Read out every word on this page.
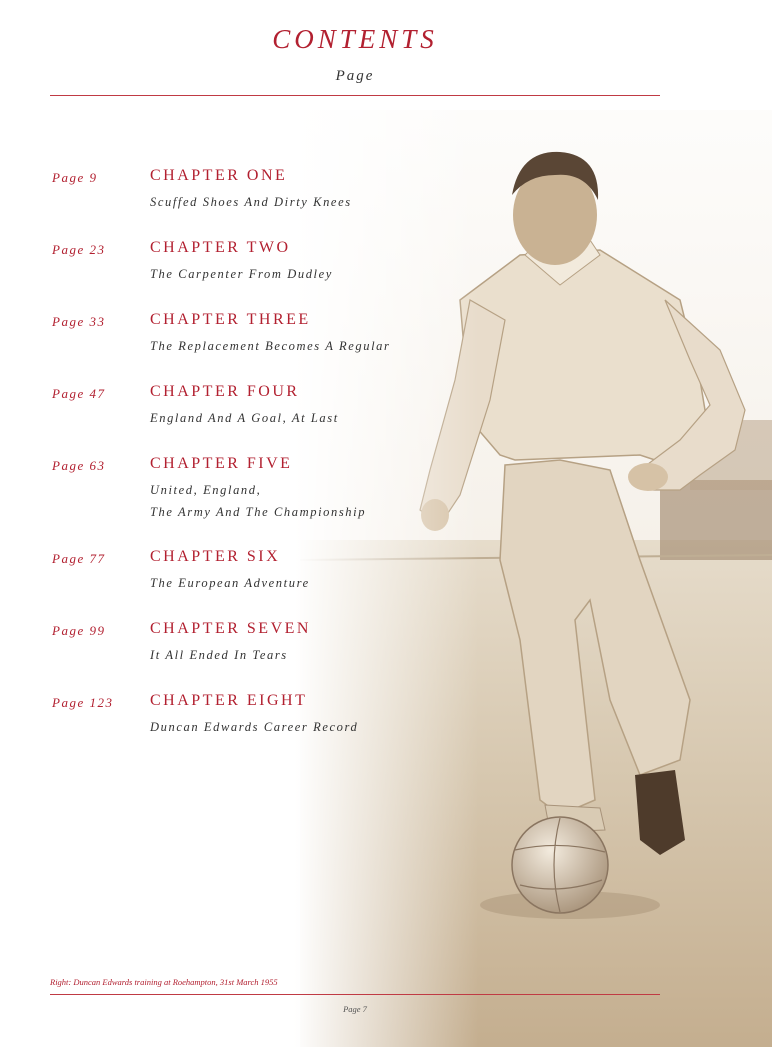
CONTENTS
Page
Page 9	CHAPTER ONE
Scuffed Shoes And Dirty Knees
Page 23	CHAPTER TWO
The Carpenter From Dudley
Page 33	CHAPTER THREE
The Replacement Becomes A Regular
Page 47	CHAPTER FOUR
England And A Goal, At Last
Page 63	CHAPTER FIVE
United, England,
The Army And The Championship
Page 77	CHAPTER SIX
The European Adventure
Page 99	CHAPTER SEVEN
It All Ended In Tears
Page 123 CHAPTER EIGHT
Duncan Edwards Career Record
Right: Duncan Edwards training at Roehampton, 31st March 1955
Page 7
